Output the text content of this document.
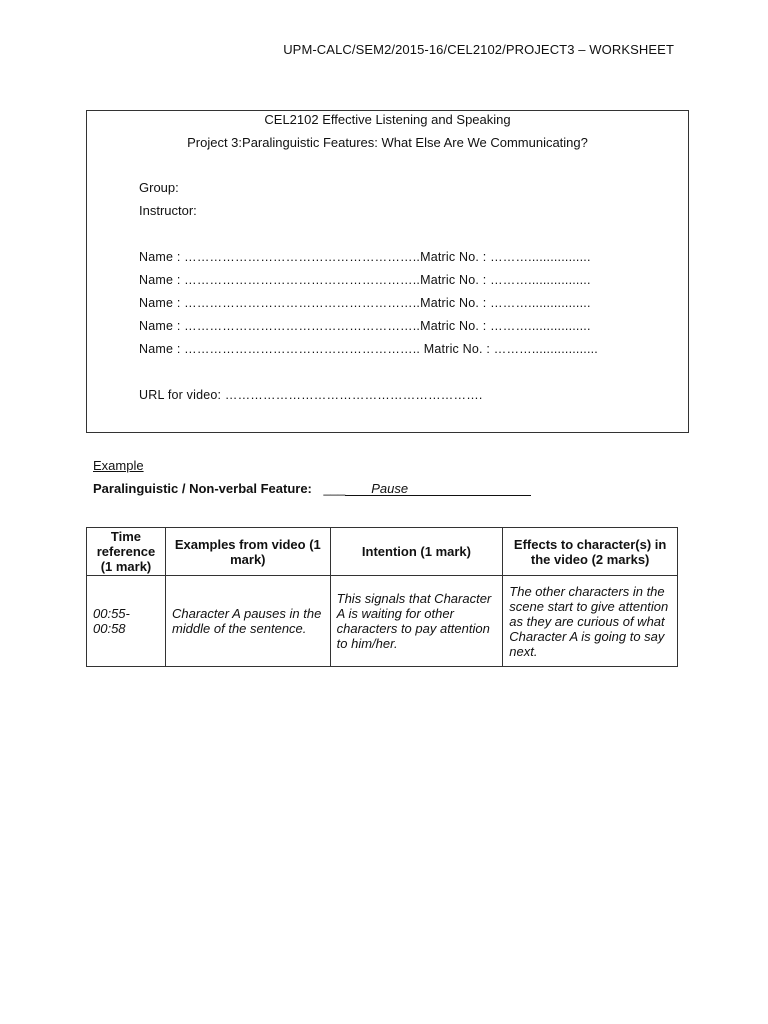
UPM-CALC/SEM2/2015-16/CEL2102/PROJECT3 – WORKSHEET
CEL2102 Effective Listening and Speaking
Project 3:Paralinguistic Features: What Else Are We Communicating?
Group:
Instructor:
Name : ………………………………………………..Matric No. : ……….................
Name : ………………………………………………..Matric No. : ……….................
Name : ………………………………………………..Matric No. : ……….................
Name : ………………………………………………..Matric No. : ……….................
Name : ……………………………………………….. Matric No. : ………..................
URL for video: …………………………………………………….
Example
Paralinguistic / Non-verbal Feature: ___ Pause
Time reference (1 mark)	Examples from video (1 mark)	Intention (1 mark)	Effects to character(s) in the video (2 marks)
00:55-00:58	Character A pauses in the middle of the sentence.	This signals that Character A is waiting for other characters to pay attention to him/her.	The other characters in the scene start to give attention as they are curious of what Character A is going to say next.
